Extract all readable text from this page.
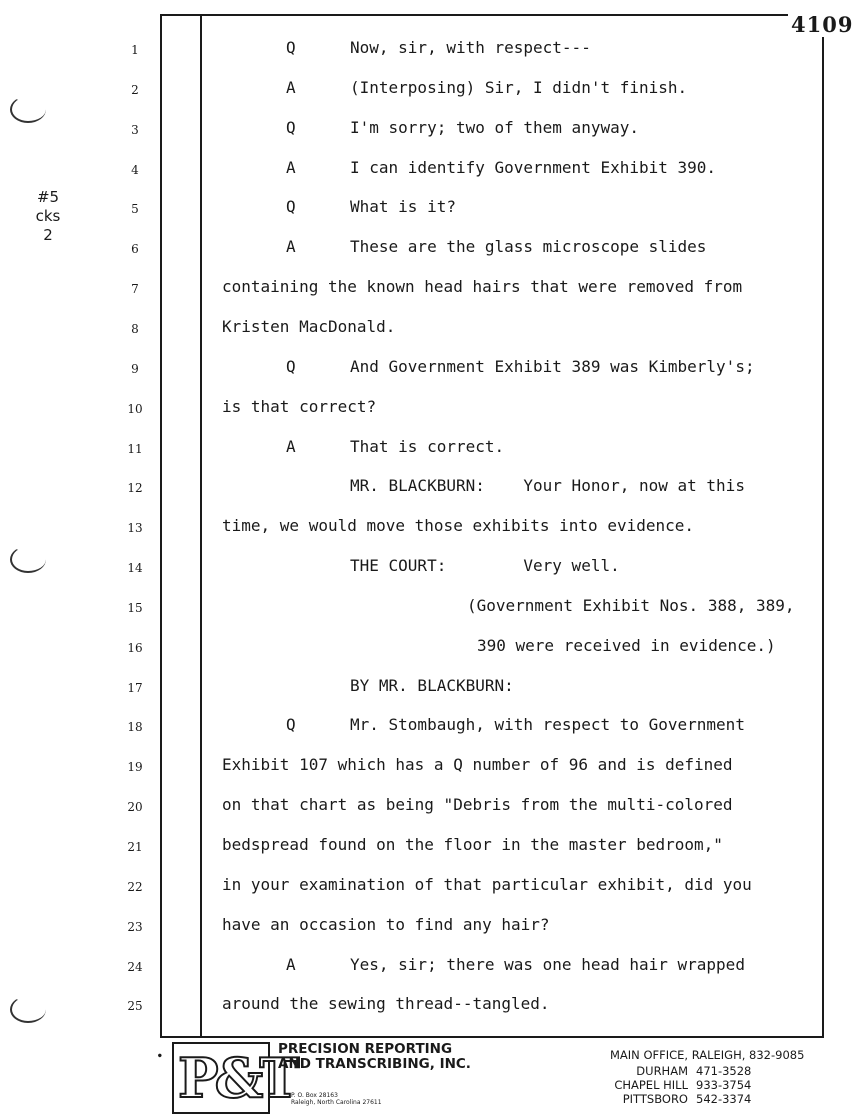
4109
#5
cks
2
1	Q	Now, sir, with respect---
2	A	(Interposing) Sir, I didn't finish.
3	Q	I'm sorry; two of them anyway.
4	A	I can identify Government Exhibit 390.
5	Q	What is it?
6	A	These are the glass microscope slides
7	containing the known head hairs that were removed from
8	Kristen MacDonald.
9	Q	And Government Exhibit 389 was Kimberly's;
10	is that correct?
11	A	That is correct.
12	MR. BLACKBURN:    Your Honor, now at this
13	time, we would move those exhibits into evidence.
14	THE COURT:        Very well.
15	(Government Exhibit Nos. 388, 389,
16	390 were received in evidence.)
17	BY MR. BLACKBURN:
18	Q	Mr. Stombaugh, with respect to Government
19	Exhibit 107 which has a Q number of 96 and is defined
20	on that chart as being "Debris from the multi-colored
21	bedspread found on the floor in the master bedroom,"
22	in your examination of that particular exhibit, did you
23	have an occasion to find any hair?
24	A	Yes, sir; there was one head hair wrapped
25	around the sewing thread--tangled.
● P&T
PRECISION REPORTING
AND TRANSCRIBING, INC.
P. O. Box 28163
Raleigh, North Carolina 27611
MAIN OFFICE, RALEIGH, 832-9085
DURHAM 471-3528
CHAPEL HILL 933-3754
PITTSBORO 542-3374
